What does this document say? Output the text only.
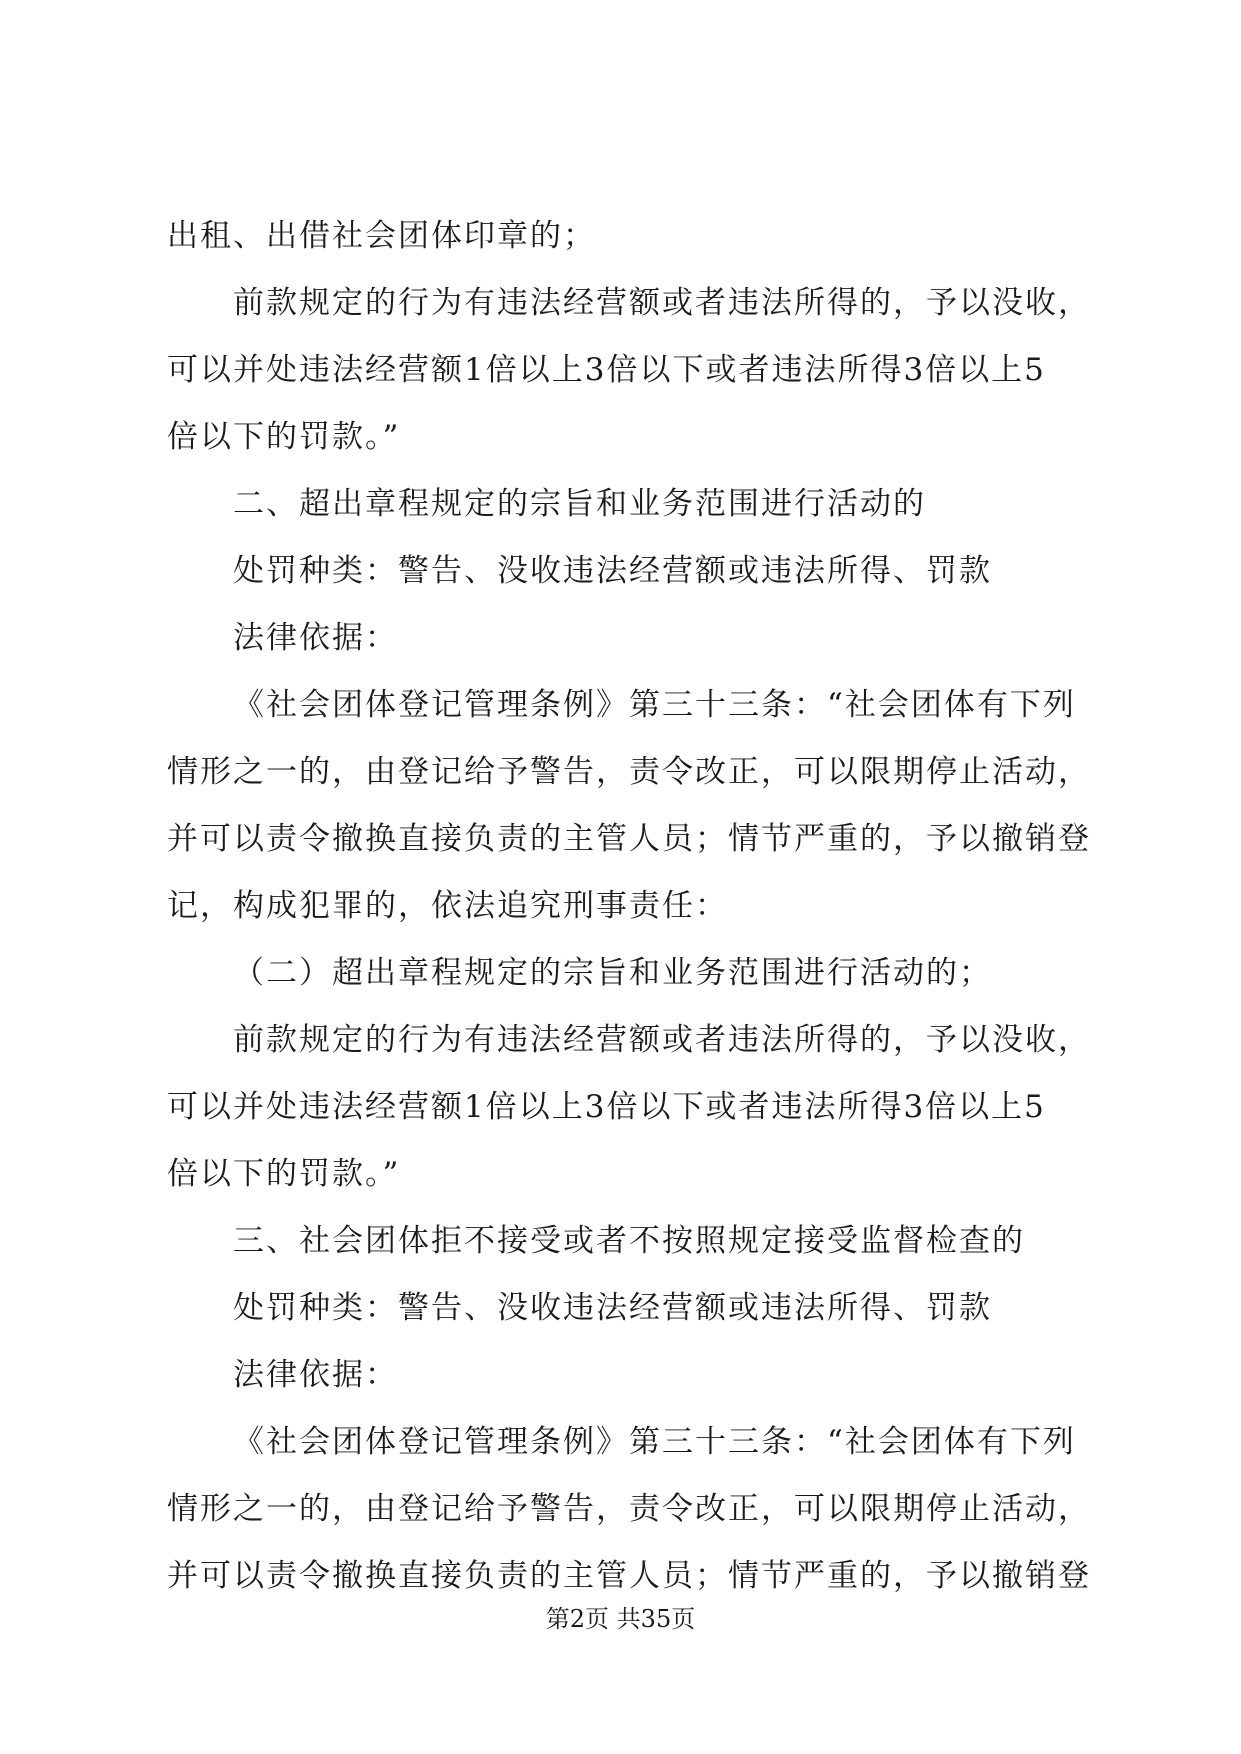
出租、出借社会团体印章的；
前款规定的行为有违法经营额或者违法所得的，予以没收，
可以并处违法经营额1倍以上3倍以下或者违法所得3倍以上5
倍以下的罚款。”
二、超出章程规定的宗旨和业务范围进行活动的
处罚种类：警告、没收违法经营额或违法所得、罚款
法律依据：
《社会团体登记管理条例》第三十三条：“社会团体有下列
情形之一的，由登记给予警告，责令改正，可以限期停止活动，
并可以责令撤换直接负责的主管人员；情节严重的，予以撤销登
记，构成犯罪的，依法追究刑事责任：
（二）超出章程规定的宗旨和业务范围进行活动的；
前款规定的行为有违法经营额或者违法所得的，予以没收，
可以并处违法经营额1倍以上3倍以下或者违法所得3倍以上5
倍以下的罚款。”
三、社会团体拒不接受或者不按照规定接受监督检查的
处罚种类：警告、没收违法经营额或违法所得、罚款
法律依据：
《社会团体登记管理条例》第三十三条：“社会团体有下列
情形之一的，由登记给予警告，责令改正，可以限期停止活动，
并可以责令撤换直接负责的主管人员；情节严重的，予以撤销登
第2页 共35页
